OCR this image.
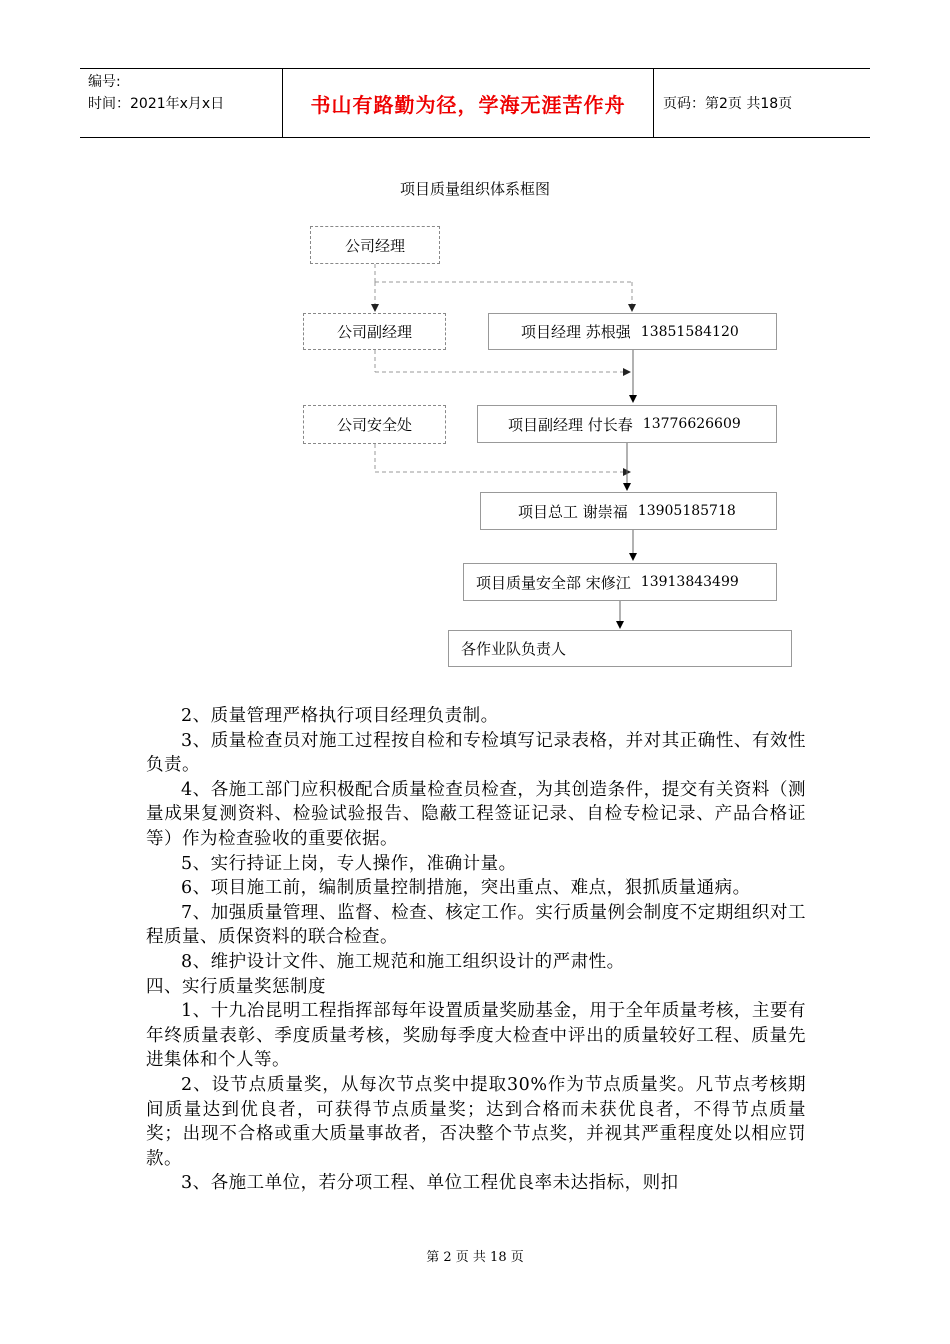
编号:
时间：2021年x月x日	书山有路勤为径，学海无涯苦作舟	页码：第2页 共18页
项目质量组织体系框图
公司经理
公司副经理
公司安全处
项目经理 苏根强 13851584120
项目副经理 付长春 13776626609
项目总工 谢崇福 13905185718
项目质量安全部 宋修江 13913843499
各作业队负责人

2、质量管理严格执行项目经理负责制。

3、质量检查员对施工过程按自检和专检填写记录表格，并对其正确性、有效性负责。

4、各施工部门应积极配合质量检查员检查，为其创造条件，提交有关资料（测量成果复测资料、检验试验报告、隐蔽工程签证记录、自检专检记录、产品合格证等）作为检查验收的重要依据。

5、实行持证上岗，专人操作，准确计量。

6、项目施工前，编制质量控制措施，突出重点、难点，狠抓质量通病。

7、加强质量管理、监督、检查、核定工作。实行质量例会制度不定期组织对工程质量、质保资料的联合检查。

8、维护设计文件、施工规范和施工组织设计的严肃性。

四、实行质量奖惩制度

1、十九冶昆明工程指挥部每年设置质量奖励基金，用于全年质量考核，主要有年终质量表彰、季度质量考核，奖励每季度大检查中评出的质量较好工程、质量先进集体和个人等。

2、设节点质量奖，从每次节点奖中提取30%作为节点质量奖。凡节点考核期间质量达到优良者，可获得节点质量奖；达到合格而未获优良者，不得节点质量奖；出现不合格或重大质量事故者，否决整个节点奖，并视其严重程度处以相应罚款。

3、各施工单位，若分项工程、单位工程优良率未达指标，则扣

第 2 页 共 18 页
